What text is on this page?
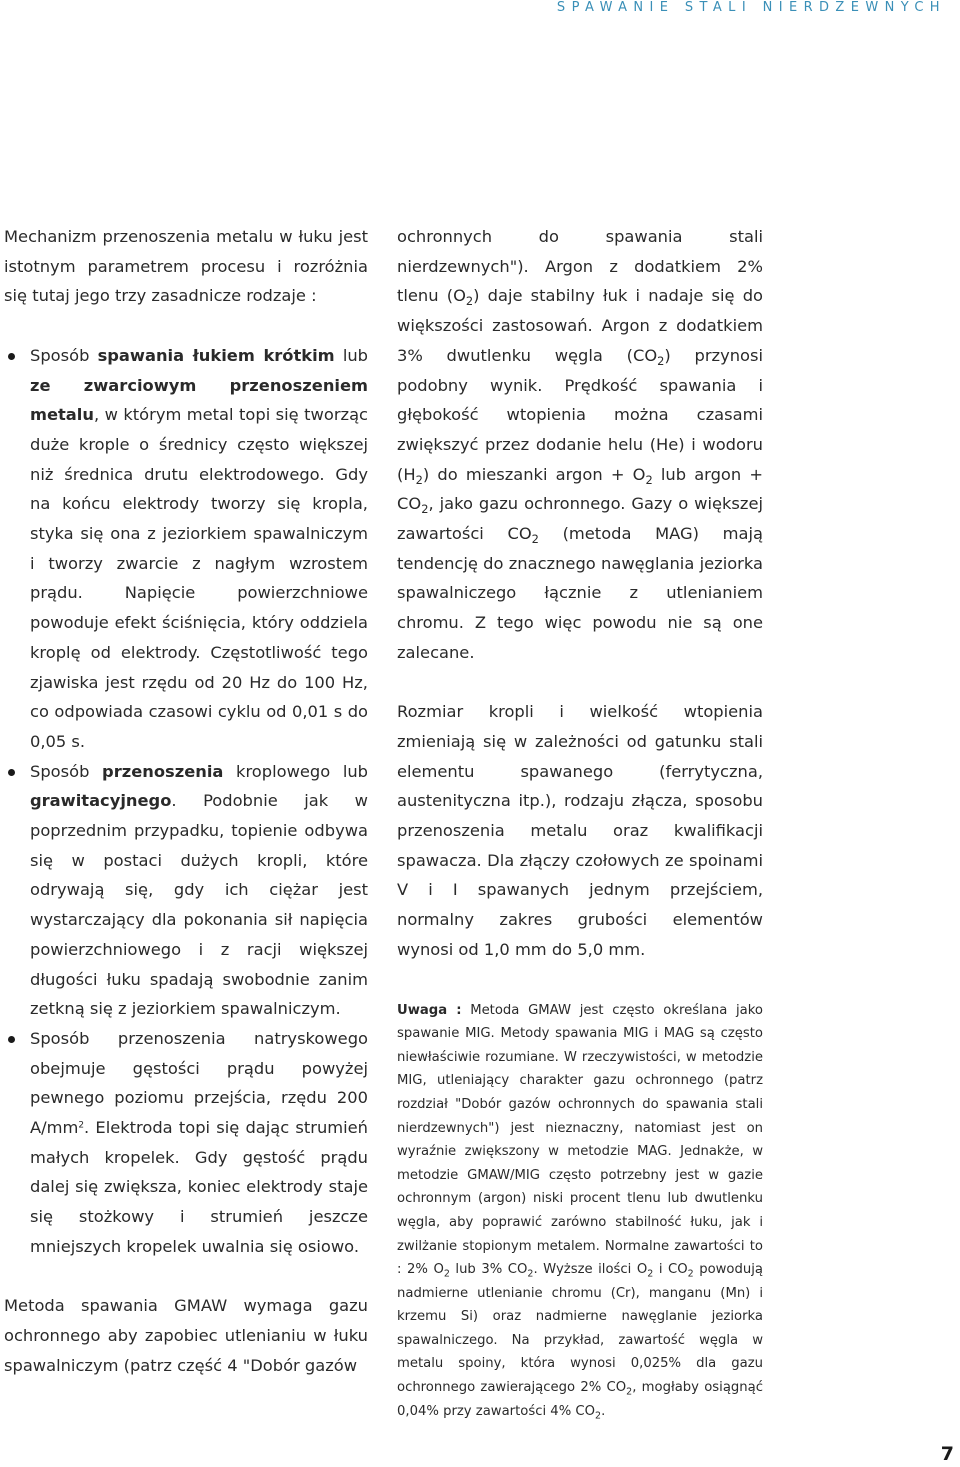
SPAWANIE STALI NIERDZEWNYCH

Mechanizm przenoszenia metalu w łuku jest istotnym parametrem procesu i rozróżnia się tutaj jego trzy zasadnicze rodzaje :

Sposób spawania łukiem krótkim lub ze zwarciowym przenoszeniem metalu, w którym metal topi się tworząc duże krople o średnicy często większej niż średnica drutu elektrodowego. Gdy na końcu elektrody tworzy się kropla, styka się ona z jeziorkiem spawalniczym i tworzy zwarcie z nagłym wzrostem prądu. Napięcie powierzchniowe powoduje efekt ściśnięcia, który oddziela kroplę od elektrody. Częstotliwość tego zjawiska jest rzędu od 20 Hz do 100 Hz, co odpowiada czasowi cyklu od 0,01 s do 0,05 s.
Sposób przenoszenia kroplowego lub grawitacyjnego. Podobnie jak w poprzednim przypadku, topienie odbywa się w postaci dużych kropli, które odrywają się, gdy ich ciężar jest wystarczający dla pokonania sił napięcia powierzchniowego i z racji większej długości łuku spadają swobodnie zanim zetkną się z jeziorkiem spawalniczym.
Sposób przenoszenia natryskowego obejmuje gęstości prądu powyżej pewnego poziomu przejścia, rzędu 200 $A/mm^2$. Elektroda topi się dając strumień małych kropelek. Gdy gęstość prądu dalej się zwiększa, koniec elektrody staje się stożkowy i strumień jeszcze mniejszych kropelek uwalnia się osiowo.

Metoda spawania GMAW wymaga gazu ochronnego aby zapobiec utlenianiu w łuku spawalniczym (patrz część 4 "Dobór gazów

ochronnych do spawania stali nierdzewnych"). Argon z dodatkiem 2% tlenu $(O_2)$ daje stabilny łuk i nadaje się do większości zastosowań. Argon z dodatkiem 3% dwutlenku węgla $(CO_2)$ przynosi podobny wynik. Prędkość spawania i głębokość wtopienia można czasami zwiększyć przez dodanie helu (He) i wodoru $(H_2)$ do mieszanki argon + $O_2$ lub argon + $CO_2$, jako gazu ochronnego. Gazy o większej zawartości $CO_2$ (metoda MAG) mają tendencję do znacznego nawęglania jeziorka spawalniczego łącznie z utlenianiem chromu. Z tego więc powodu nie są one zalecane.

Rozmiar kropli i wielkość wtopienia zmieniają się w zależności od gatunku stali elementu spawanego (ferrytyczna, austenityczna itp.), rodzaju złącza, sposobu przenoszenia metalu oraz kwalifikacji spawacza. Dla złączy czołowych ze spoinami V i I spawanych jednym przejściem, normalny zakres grubości elementów wynosi od 1,0 mm do 5,0 mm.

Uwaga : Metoda GMAW jest często określana jako spawanie MIG. Metody spawania MIG i MAG są często niewłaściwie rozumiane. W rzeczywistości, w metodzie MIG, utleniający charakter gazu ochronnego (patrz rozdział "Dobór gazów ochronnych do spawania stali nierdzewnych") jest nieznaczny, natomiast jest on wyraźnie zwiększony w metodzie MAG. Jednakże, w metodzie GMAW/MIG często potrzebny jest w gazie ochronnym (argon) niski procent tlenu lub dwutlenku węgla, aby poprawić zarówno stabilność łuku, jak i zwilżanie stopionym metalem. Normalne zawartości to : 2% $O_2$ lub 3% $CO_2$. Wyższe ilości $O_2$ i $CO_2$ powodują nadmierne utlenianie chromu (Cr), manganu (Mn) i krzemu Si) oraz nadmierne nawęglanie jeziorka spawalniczego. Na przykład, zawartość węgla w metalu spoiny, która wynosi 0,025% dla gazu ochronnego zawierającego 2% $CO_2$, mogłaby osiągnąć 0,04% przy zawartości 4% $CO_2$.

7
